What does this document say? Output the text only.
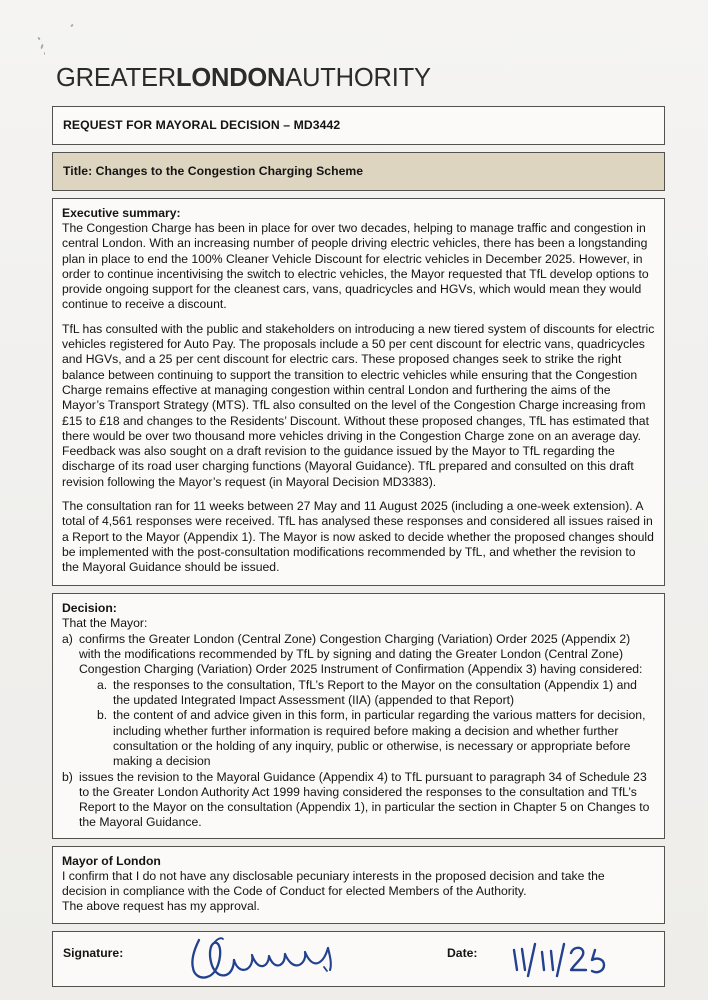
GREATERLONDONAUTHORITY
REQUEST FOR MAYORAL DECISION – MD3442
Title: Changes to the Congestion Charging Scheme
Executive summary:

The Congestion Charge has been in place for over two decades, helping to manage traffic and congestion in central London. With an increasing number of people driving electric vehicles, there has been a longstanding plan in place to end the 100% Cleaner Vehicle Discount for electric vehicles in December 2025. However, in order to continue incentivising the switch to electric vehicles, the Mayor requested that TfL develop options to provide ongoing support for the cleanest cars, vans, quadricycles and HGVs, which would mean they would continue to receive a discount.

TfL has consulted with the public and stakeholders on introducing a new tiered system of discounts for electric vehicles registered for Auto Pay. The proposals include a 50 per cent discount for electric vans, quadricycles and HGVs, and a 25 per cent discount for electric cars. These proposed changes seek to strike the right balance between continuing to support the transition to electric vehicles while ensuring that the Congestion Charge remains effective at managing congestion within central London and furthering the aims of the Mayor’s Transport Strategy (MTS). TfL also consulted on the level of the Congestion Charge increasing from £15 to £18 and changes to the Residents’ Discount. Without these proposed changes, TfL has estimated that there would be over two thousand more vehicles driving in the Congestion Charge zone on an average day. Feedback was also sought on a draft revision to the guidance issued by the Mayor to TfL regarding the discharge of its road user charging functions (Mayoral Guidance). TfL prepared and consulted on this draft revision following the Mayor’s request (in Mayoral Decision MD3383).

The consultation ran for 11 weeks between 27 May and 11 August 2025 (including a one-week extension). A total of 4,561 responses were received. TfL has analysed these responses and considered all issues raised in a Report to the Mayor (Appendix 1). The Mayor is now asked to decide whether the proposed changes should be implemented with the post-consultation modifications recommended by TfL, and whether the revision to the Mayoral Guidance should be issued.

Decision:
That the Mayor:
a) confirms the Greater London (Central Zone) Congestion Charging (Variation) Order 2025 (Appendix 2) with the modifications recommended by TfL by signing and dating the Greater London (Central Zone) Congestion Charging (Variation) Order 2025 Instrument of Confirmation (Appendix 3) having considered:
a. the responses to the consultation, TfL’s Report to the Mayor on the consultation (Appendix 1) and the updated Integrated Impact Assessment (IIA) (appended to that Report)
b. the content of and advice given in this form, in particular regarding the various matters for decision, including whether further information is required before making a decision and whether further consultation or the holding of any inquiry, public or otherwise, is necessary or appropriate before making a decision
b) issues the revision to the Mayoral Guidance (Appendix 4) to TfL pursuant to paragraph 34 of Schedule 23 to the Greater London Authority Act 1999 having considered the responses to the consultation and TfL’s Report to the Mayor on the consultation (Appendix 1), in particular the section in Chapter 5 on Changes to the Mayoral Guidance.
Mayor of London
I confirm that I do not have any disclosable pecuniary interests in the proposed decision and take the
decision in compliance with the Code of Conduct for elected Members of the Authority.
The above request has my approval.
Signature:	Date:
